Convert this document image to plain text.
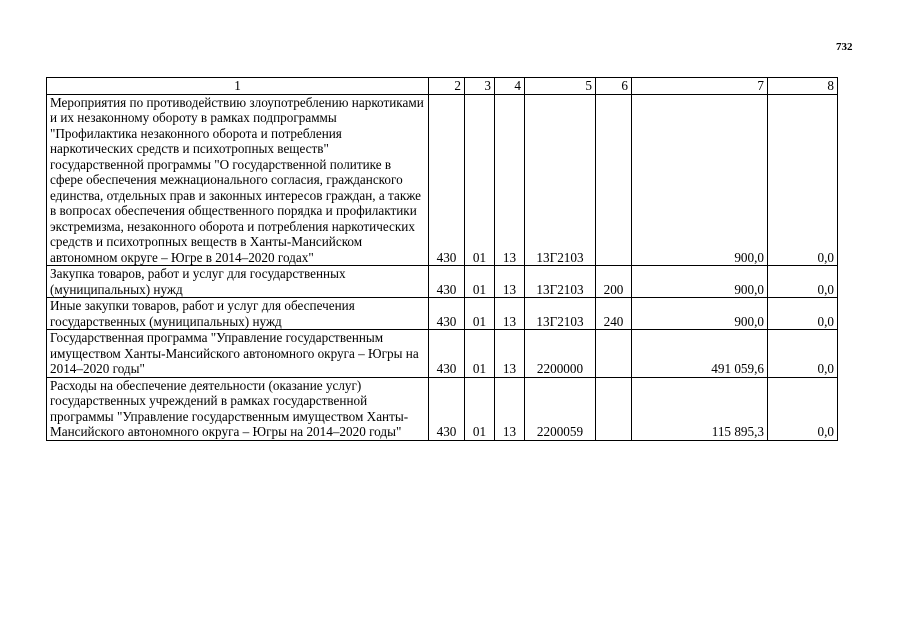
732
1	2	3	4	5	6	7	8
Мероприятия по противодействию злоупотреблению наркотиками и их незаконному обороту в рамках подпрограммы "Профилактика незаконного оборота и потребления наркотических средств и психотропных веществ" государственной программы "О государственной политике в сфере обеспечения межнационального согласия, гражданского единства, отдельных прав и законных интересов граждан, а также в вопросах обеспечения общественного порядка и профилактики экстремизма, незаконного оборота и потребления наркотических средств и психотропных веществ в Ханты-Мансийском автономном округе – Югре в 2014–2020 годах"	430	01	13	13Г2103		900,0	0,0
Закупка товаров, работ и услуг для государственных (муниципальных) нужд	430	01	13	13Г2103	200	900,0	0,0
Иные закупки товаров, работ и услуг для обеспечения государственных (муниципальных) нужд	430	01	13	13Г2103	240	900,0	0,0
Государственная программа "Управление государственным имуществом Ханты-Мансийского автономного округа – Югры на 2014–2020 годы"	430	01	13	2200000		491 059,6	0,0
Расходы на обеспечение деятельности (оказание услуг) государственных учреждений в рамках государственной программы "Управление государственным имуществом Ханты-Мансийского автономного округа – Югры на 2014–2020 годы"	430	01	13	2200059		115 895,3	0,0
